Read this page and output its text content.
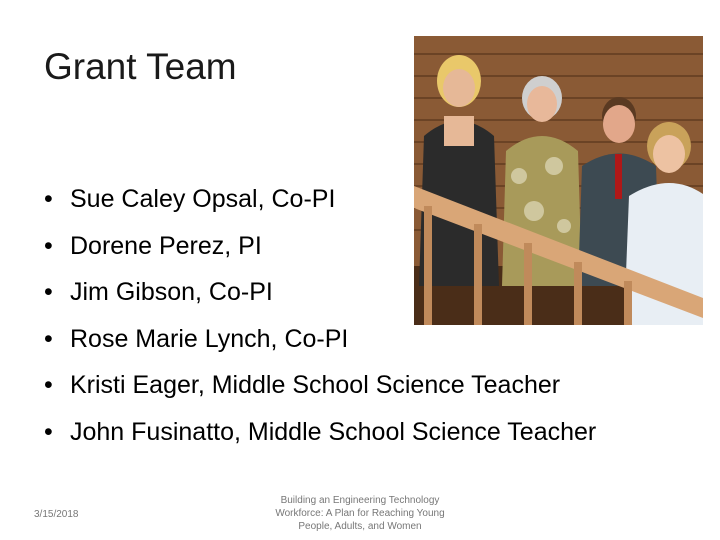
Grant Team
• Sue Caley Opsal, Co-PI
• Dorene Perez, PI
• Jim Gibson, Co-PI
• Rose Marie Lynch, Co-PI
• Kristi Eager, Middle School Science Teacher
• John Fusinatto, Middle School Science Teacher
3/15/2018
Building an Engineering Technology
Workforce: A Plan for Reaching Young
People, Adults, and Women
